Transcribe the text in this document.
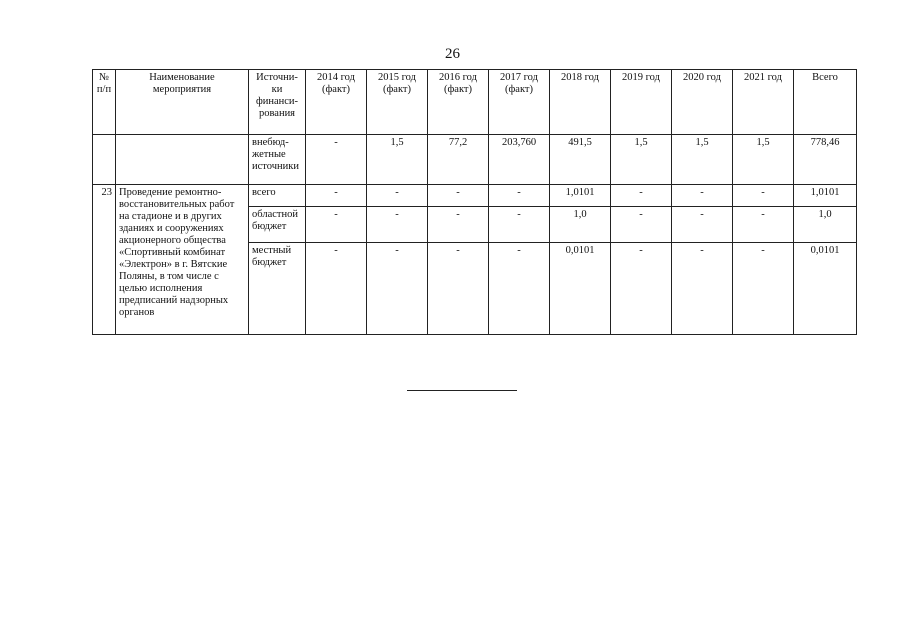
26
№ п/п	Наименование мероприятия	Источни-ки финанси-рования	2014 год (факт)	2015 год (факт)	2016 год (факт)	2017 год (факт)	2018 год	2019 год	2020 год	2021 год	Всего
		внебюд-жетные источники	-	1,5	77,2	203,760	491,5	1,5	1,5	1,5	778,46
23	Проведение ремонтно-восстановительных работ на стадионе и в других зданиях и сооружениях акционерного общества «Спортивный комбинат «Электрон» в г. Вятские Поляны, в том числе с целью исполнения предписаний надзорных органов	всего	-	-	-	-	1,0101	-	-	-	1,0101
		областной бюджет	-	-	-	-	1,0	-	-	-	1,0
		местный бюджет	-	-	-	-	0,0101	-	-	-	0,0101
